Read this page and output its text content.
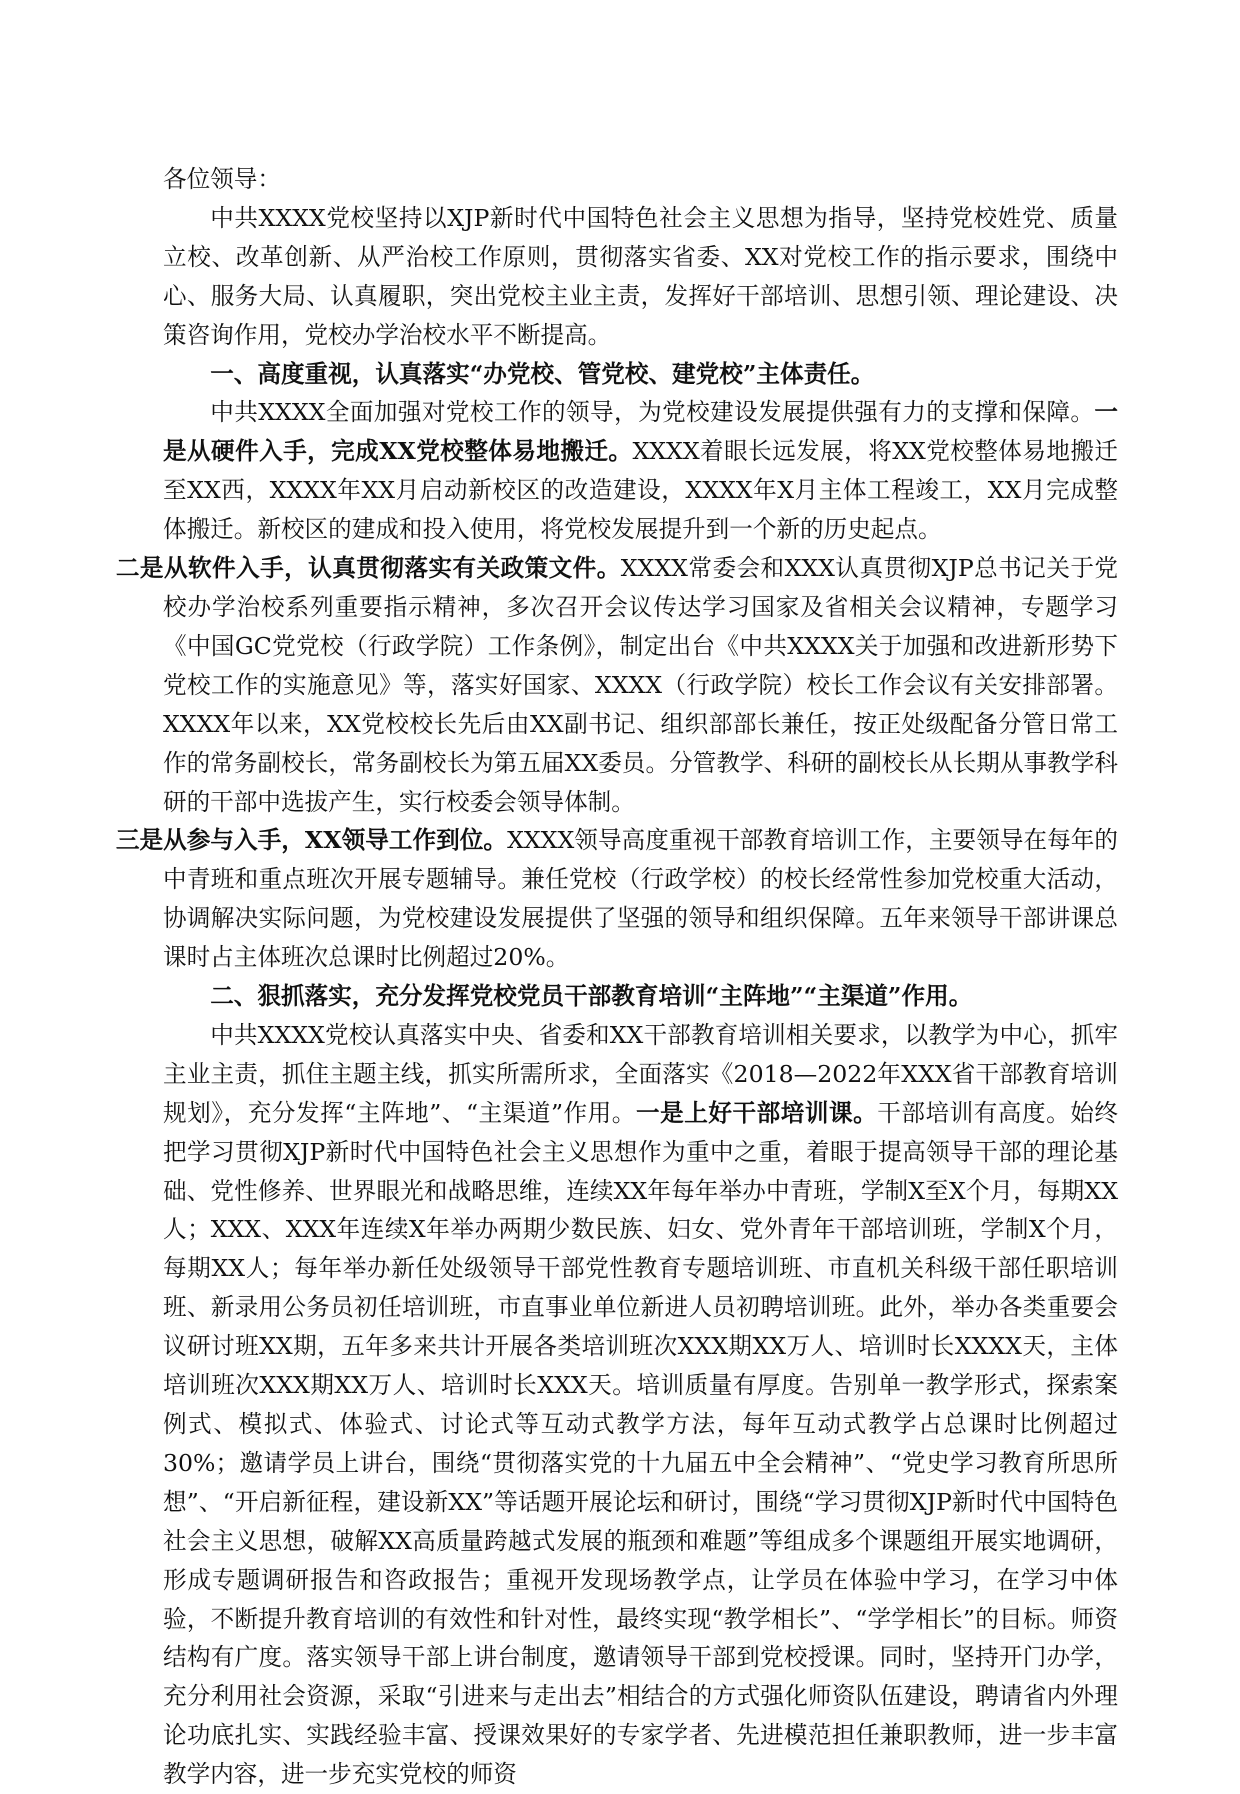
各位领导：

中共XXXX党校坚持以XJP新时代中国特色社会主义思想为指导，坚持党校姓党、质量立校、改革创新、从严治校工作原则，贯彻落实省委、XX对党校工作的指示要求，围绕中心、服务大局、认真履职，突出党校主业主责，发挥好干部培训、思想引领、理论建设、决策咨询作用，党校办学治校水平不断提高。

一、高度重视，认真落实“办党校、管党校、建党校”主体责任。

中共XXXX全面加强对党校工作的领导，为党校建设发展提供强有力的支撑和保障。一是从硬件入手，完成XX党校整体易地搬迁。XXXX着眼长远发展，将XX党校整体易地搬迁至XX西，XXXX年XX月启动新校区的改造建设，XXXX年X月主体工程竣工，XX月完成整体搬迁。新校区的建成和投入使用，将党校发展提升到一个新的历史起点。
二是从软件入手，认真贯彻落实有关政策文件。XXXX常委会和XXX认真贯彻XJP总书记关于党校办学治校系列重要指示精神，多次召开会议传达学习国家及省相关会议精神，专题学习《中国GC党党校（行政学院）工作条例》，制定出台《中共XXXX关于加强和改进新形势下党校工作的实施意见》等，落实好国家、XXXX（行政学院）校长工作会议有关安排部署。XXXX年以来，XX党校校长先后由XX副书记、组织部部长兼任，按正处级配备分管日常工作的常务副校长，常务副校长为第五届XX委员。分管教学、科研的副校长从长期从事教学科研的干部中选拔产生，实行校委会领导体制。
三是从参与入手，XX领导工作到位。XXXX领导高度重视干部教育培训工作，主要领导在每年的中青班和重点班次开展专题辅导。兼任党校（行政学校）的校长经常性参加党校重大活动，协调解决实际问题，为党校建设发展提供了坚强的领导和组织保障。五年来领导干部讲课总课时占主体班次总课时比例超过20%。

二、狠抓落实，充分发挥党校党员干部教育培训“主阵地”“主渠道”作用。

中共XXXX党校认真落实中央、省委和XX干部教育培训相关要求，以教学为中心，抓牢主业主责，抓住主题主线，抓实所需所求，全面落实《2018—2022年XXX省干部教育培训规划》，充分发挥“主阵地”、“主渠道”作用。一是上好干部培训课。干部培训有高度。始终把学习贯彻XJP新时代中国特色社会主义思想作为重中之重，着眼于提高领导干部的理论基础、党性修养、世界眼光和战略思维，连续XX年每年举办中青班，学制X至X个月，每期XX人；XXX、XXX年连续X年举办两期少数民族、妇女、党外青年干部培训班，学制X个月，每期XX人；每年举办新任处级领导干部党性教育专题培训班、市直机关科级干部任职培训班、新录用公务员初任培训班，市直事业单位新进人员初聘培训班。此外，举办各类重要会议研讨班XX期，五年多来共计开展各类培训班次XXX期XX万人、培训时长XXXX天，主体培训班次XXX期XX万人、培训时长XXX天。培训质量有厚度。告别单一教学形式，探索案例式、模拟式、体验式、讨论式等互动式教学方法，每年互动式教学占总课时比例超过30%；邀请学员上讲台，围绕“贯彻落实党的十九届五中全会精神”、“党史学习教育所思所想”、“开启新征程，建设新XX”等话题开展论坛和研讨，围绕“学习贯彻XJP新时代中国特色社会主义思想，破解XX高质量跨越式发展的瓶颈和难题”等组成多个课题组开展实地调研，形成专题调研报告和咨政报告；重视开发现场教学点，让学员在体验中学习，在学习中体验，不断提升教育培训的有效性和针对性，最终实现“教学相长”、“学学相长”的目标。师资结构有广度。落实领导干部上讲台制度，邀请领导干部到党校授课。同时，坚持开门办学，充分利用社会资源，采取“引进来与走出去”相结合的方式强化师资队伍建设，聘请省内外理论功底扎实、实践经验丰富、授课效果好的专家学者、先进模范担任兼职教师，进一步丰富教学内容，进一步充实党校的师资
